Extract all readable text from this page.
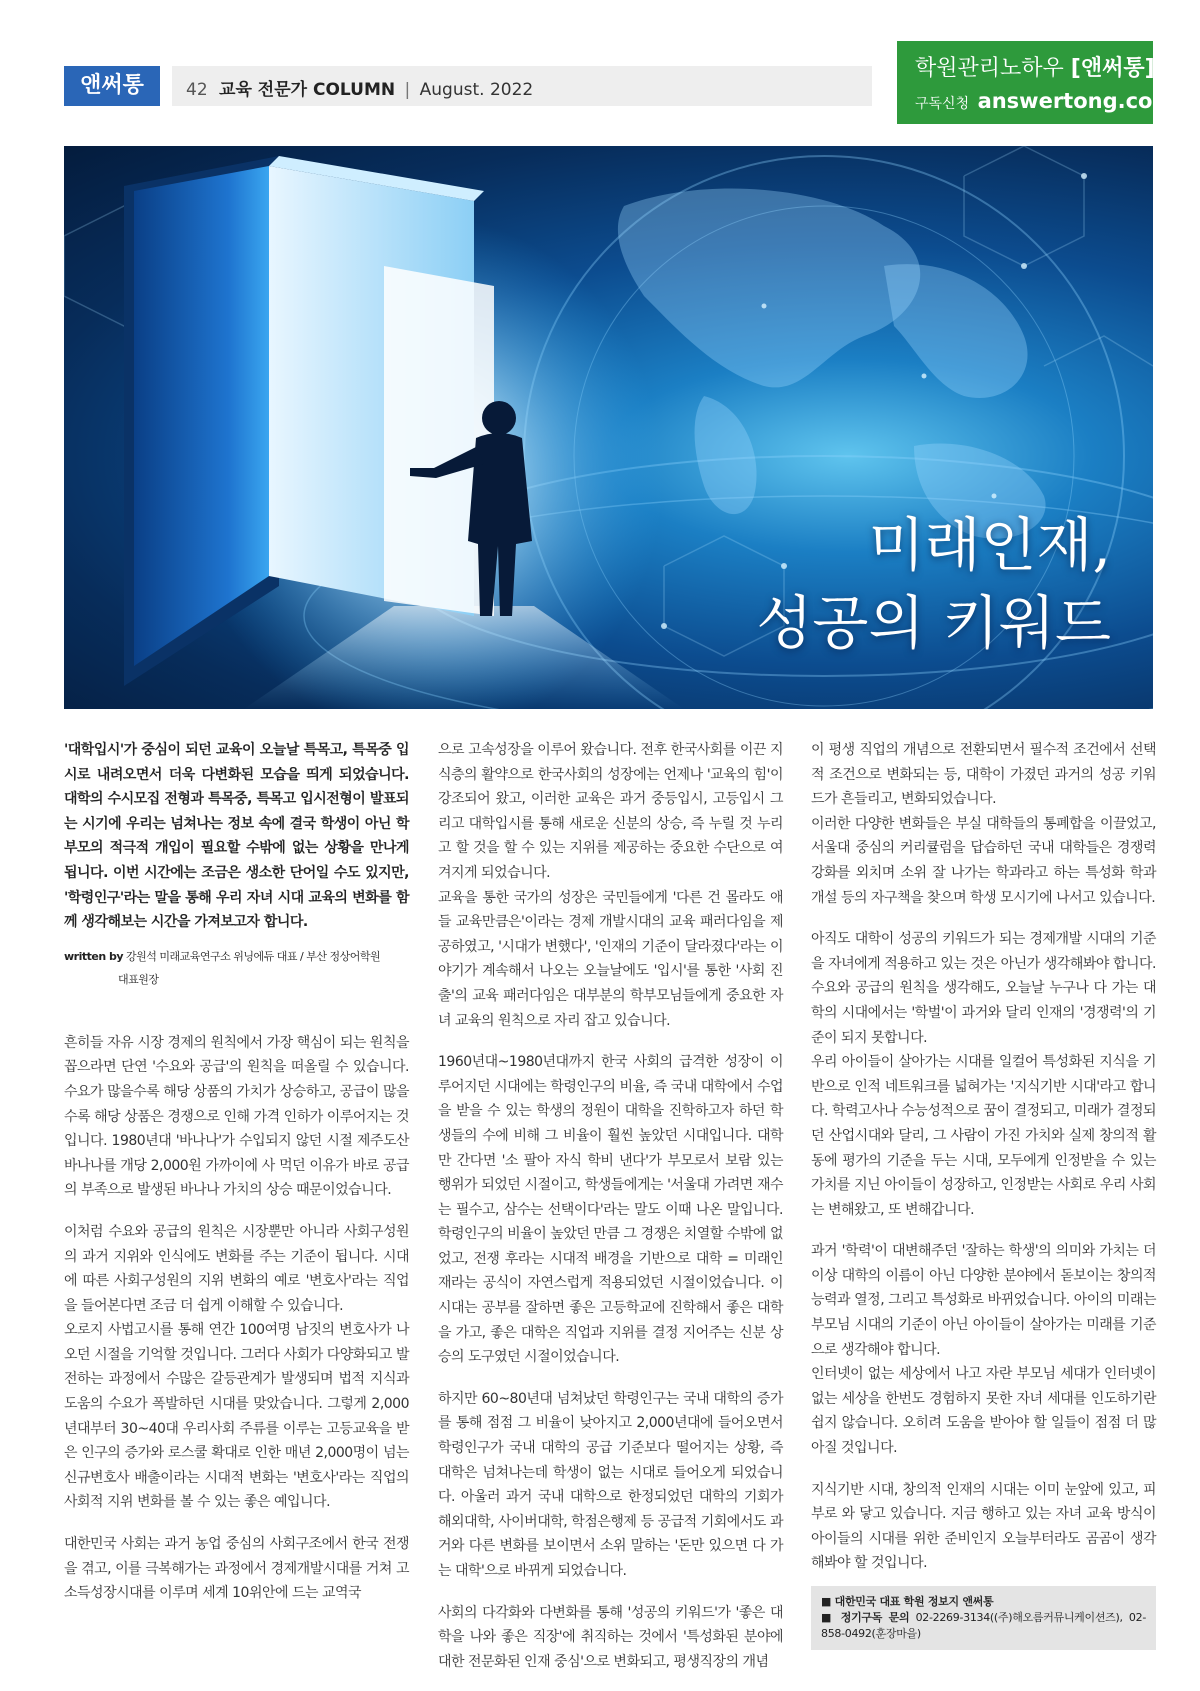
앤써통	42 교육 전문가 COLUMN | August. 2022
학원관리노하우 [앤써통]
구독신청 answertong.co.kr
미래인재,
성공의 키워드

'대학입시'가 중심이 되던 교육이 오늘날 특목고, 특목중 입시로 내려오면서 더욱 다변화된 모습을 띄게 되었습니다. 대학의 수시모집 전형과 특목중, 특목고 입시전형이 발표되는 시기에 우리는 넘쳐나는 정보 속에 결국 학생이 아닌 학부모의 적극적 개입이 필요할 수밖에 없는 상황을 만나게 됩니다. 이번 시간에는 조금은 생소한 단어일 수도 있지만, '학령인구'라는 말을 통해 우리 자녀 시대 교육의 변화를 함께 생각해보는 시간을 가져보고자 합니다.

written by 강원석 미래교육연구소 위닝에듀 대표 / 부산 정상어학원
대표원장

흔히들 자유 시장 경제의 원칙에서 가장 핵심이 되는 원칙을 꼽으라면 단연 '수요와 공급'의 원칙을 떠올릴 수 있습니다. 수요가 많을수록 해당 상품의 가치가 상승하고, 공급이 많을수록 해당 상품은 경쟁으로 인해 가격 인하가 이루어지는 것입니다. 1980년대 '바나나'가 수입되지 않던 시절 제주도산 바나나를 개당 2,000원 가까이에 사 먹던 이유가 바로 공급의 부족으로 발생된 바나나 가치의 상승 때문이었습니다.

이처럼 수요와 공급의 원칙은 시장뿐만 아니라 사회구성원의 과거 지위와 인식에도 변화를 주는 기준이 됩니다. 시대에 따른 사회구성원의 지위 변화의 예로 '변호사'라는 직업을 들어본다면 조금 더 쉽게 이해할 수 있습니다.

오로지 사법고시를 통해 연간 100여명 남짓의 변호사가 나오던 시절을 기억할 것입니다. 그러다 사회가 다양화되고 발전하는 과정에서 수많은 갈등관계가 발생되며 법적 지식과 도움의 수요가 폭발하던 시대를 맞았습니다. 그렇게 2,000년대부터 30~40대 우리사회 주류를 이루는 고등교육을 받은 인구의 증가와 로스쿨 확대로 인한 매년 2,000명이 넘는 신규변호사 배출이라는 시대적 변화는 '변호사'라는 직업의 사회적 지위 변화를 볼 수 있는 좋은 예입니다.

대한민국 사회는 과거 농업 중심의 사회구조에서 한국 전쟁을 겪고, 이를 극복해가는 과정에서 경제개발시대를 거쳐 고소득성장시대를 이루며 세계 10위안에 드는 교역국

으로 고속성장을 이루어 왔습니다. 전후 한국사회를 이끈 지식층의 활약으로 한국사회의 성장에는 언제나 '교육의 힘'이 강조되어 왔고, 이러한 교육은 과거 중등입시, 고등입시 그리고 대학입시를 통해 새로운 신분의 상승, 즉 누릴 것 누리고 할 것을 할 수 있는 지위를 제공하는 중요한 수단으로 여겨지게 되었습니다.

교육을 통한 국가의 성장은 국민들에게 '다른 건 몰라도 애들 교육만큼은'이라는 경제 개발시대의 교육 패러다임을 제공하였고, '시대가 변했다', '인재의 기준이 달라졌다'라는 이야기가 계속해서 나오는 오늘날에도 '입시'를 통한 '사회 진출'의 교육 패러다임은 대부분의 학부모님들에게 중요한 자녀 교육의 원칙으로 자리 잡고 있습니다.

1960년대~1980년대까지 한국 사회의 급격한 성장이 이루어지던 시대에는 학령인구의 비율, 즉 국내 대학에서 수업을 받을 수 있는 학생의 정원이 대학을 진학하고자 하던 학생들의 수에 비해 그 비율이 훨씬 높았던 시대입니다. 대학만 간다면 '소 팔아 자식 학비 낸다'가 부모로서 보람 있는 행위가 되었던 시절이고, 학생들에게는 '서울대 가려면 재수는 필수고, 삼수는 선택이다'라는 말도 이때 나온 말입니다. 학령인구의 비율이 높았던 만큼 그 경쟁은 치열할 수밖에 없었고, 전쟁 후라는 시대적 배경을 기반으로 대학 = 미래인재라는 공식이 자연스럽게 적용되었던 시절이었습니다. 이 시대는 공부를 잘하면 좋은 고등학교에 진학해서 좋은 대학을 가고, 좋은 대학은 직업과 지위를 결정 지어주는 신분 상승의 도구였던 시절이었습니다.

하지만 60~80년대 넘쳐났던 학령인구는 국내 대학의 증가를 통해 점점 그 비율이 낮아지고 2,000년대에 들어오면서 학령인구가 국내 대학의 공급 기준보다 떨어지는 상황, 즉 대학은 넘쳐나는데 학생이 없는 시대로 들어오게 되었습니다. 아울러 과거 국내 대학으로 한정되었던 대학의 기회가 해외대학, 사이버대학, 학점은행제 등 공급적 기회에서도 과거와 다른 변화를 보이면서 소위 말하는 '돈만 있으면 다 가는 대학'으로 바뀌게 되었습니다.

사회의 다각화와 다변화를 통해 '성공의 키워드'가 '좋은 대학을 나와 좋은 직장'에 취직하는 것에서 '특성화된 분야에 대한 전문화된 인재 중심'으로 변화되고, 평생직장의 개념

이 평생 직업의 개념으로 전환되면서 필수적 조건에서 선택적 조건으로 변화되는 등, 대학이 가졌던 과거의 성공 키워드가 흔들리고, 변화되었습니다.

이러한 다양한 변화들은 부실 대학들의 통폐합을 이끌었고, 서울대 중심의 커리큘럼을 답습하던 국내 대학들은 경쟁력 강화를 외치며 소위 잘 나가는 학과라고 하는 특성화 학과 개설 등의 자구책을 찾으며 학생 모시기에 나서고 있습니다.

아직도 대학이 성공의 키워드가 되는 경제개발 시대의 기준을 자녀에게 적용하고 있는 것은 아닌가 생각해봐야 합니다. 수요와 공급의 원칙을 생각해도, 오늘날 누구나 다 가는 대학의 시대에서는 '학벌'이 과거와 달리 인재의 '경쟁력'의 기준이 되지 못합니다.

우리 아이들이 살아가는 시대를 일컬어 특성화된 지식을 기반으로 인적 네트워크를 넓혀가는 '지식기반 시대'라고 합니다. 학력고사나 수능성적으로 꿈이 결정되고, 미래가 결정되던 산업시대와 달리, 그 사람이 가진 가치와 실제 창의적 활동에 평가의 기준을 두는 시대, 모두에게 인정받을 수 있는 가치를 지닌 아이들이 성장하고, 인정받는 사회로 우리 사회는 변해왔고, 또 변해갑니다.

과거 '학력'이 대변해주던 '잘하는 학생'의 의미와 가치는 더 이상 대학의 이름이 아닌 다양한 분야에서 돋보이는 창의적 능력과 열정, 그리고 특성화로 바뀌었습니다. 아이의 미래는 부모님 시대의 기준이 아닌 아이들이 살아가는 미래를 기준으로 생각해야 합니다.

인터넷이 없는 세상에서 나고 자란 부모님 세대가 인터넷이 없는 세상을 한번도 경험하지 못한 자녀 세대를 인도하기란 쉽지 않습니다. 오히려 도움을 받아야 할 일들이 점점 더 많아질 것입니다.

지식기반 시대, 창의적 인재의 시대는 이미 눈앞에 있고, 피부로 와 닿고 있습니다. 지금 행하고 있는 자녀 교육 방식이 아이들의 시대를 위한 준비인지 오늘부터라도 곰곰이 생각해봐야 할 것입니다.

■ 대한민국 대표 학원 정보지 앤써통
■ 정기구독 문의 02-2269-3134((주)해오름커뮤니케이션즈), 02-858-0492(훈장마을)
